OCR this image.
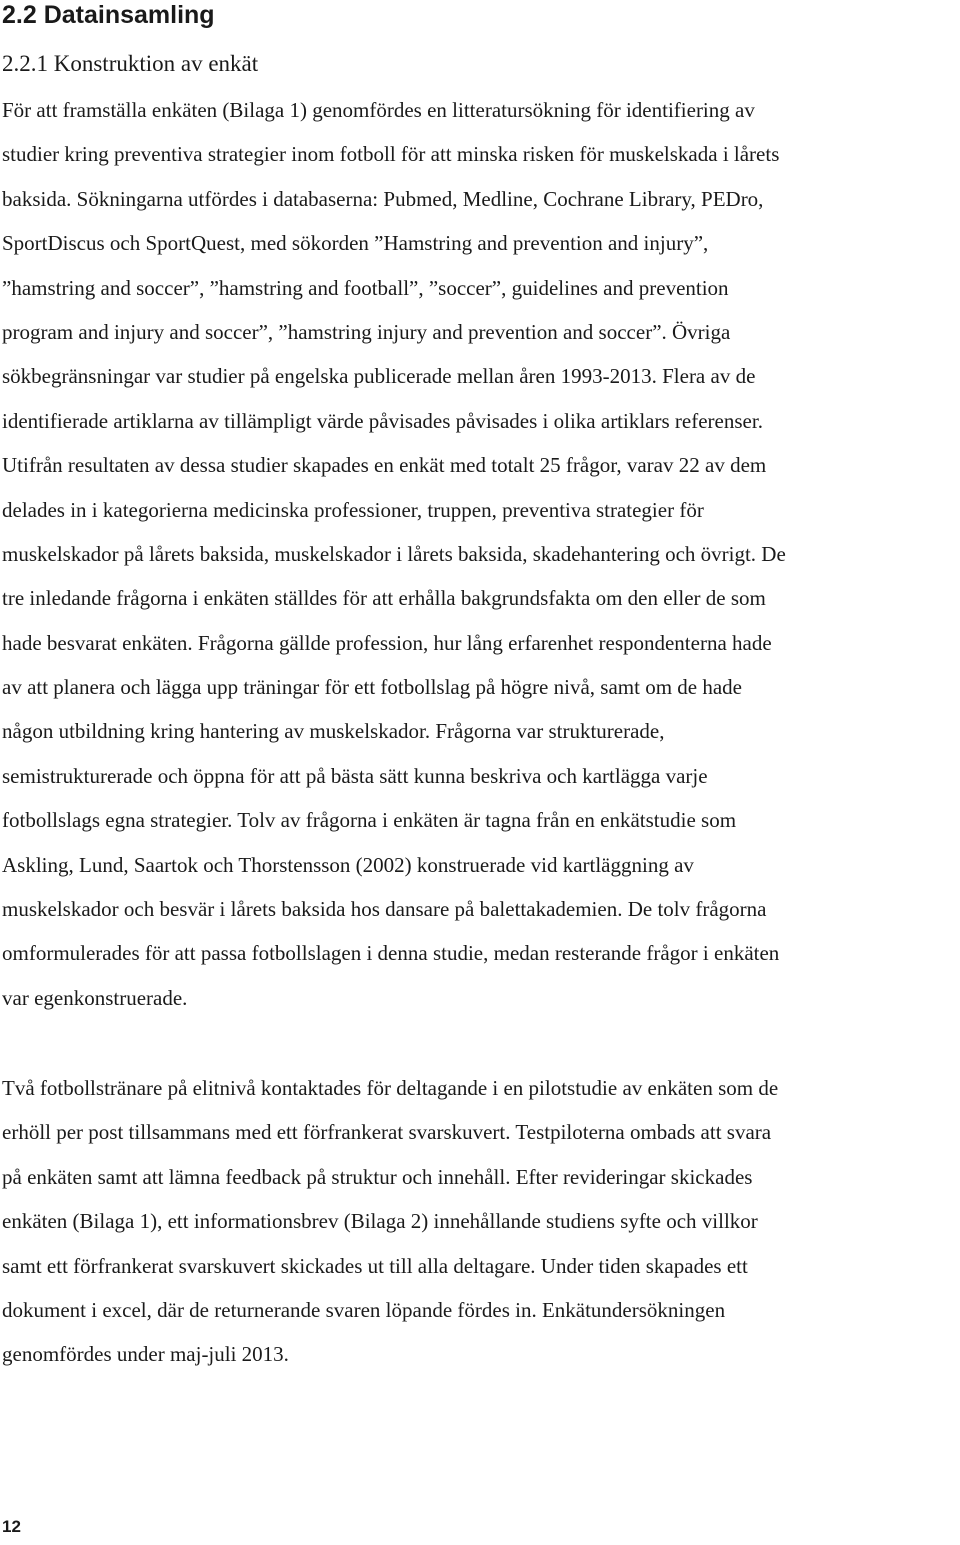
2.2 Datainsamling
2.2.1 Konstruktion av enkät
För att framställa enkäten (Bilaga 1) genomfördes en litteratursökning för identifiering av
studier kring preventiva strategier inom fotboll för att minska risken för muskelskada i lårets
baksida. Sökningarna utfördes i databaserna: Pubmed, Medline, Cochrane Library, PEDro,
SportDiscus och SportQuest, med sökorden ”Hamstring and prevention and injury”,
”hamstring and soccer”, ”hamstring and football”, ”soccer”, guidelines and prevention
program and injury and soccer”, ”hamstring injury and prevention and soccer”. Övriga
sökbegränsningar var studier på engelska publicerade mellan åren 1993-2013. Flera av de
identifierade artiklarna av tillämpligt värde påvisades påvisades i olika artiklars referenser.
Utifrån resultaten av dessa studier skapades en enkät med totalt 25 frågor, varav 22 av dem
delades in i kategorierna medicinska professioner, truppen, preventiva strategier för
muskelskador på lårets baksida, muskelskador i lårets baksida, skadehantering och övrigt. De
tre inledande frågorna i enkäten ställdes för att erhålla bakgrundsfakta om den eller de som
hade besvarat enkäten. Frågorna gällde profession, hur lång erfarenhet respondenterna hade
av att planera och lägga upp träningar för ett fotbollslag på högre nivå, samt om de hade
någon utbildning kring hantering av muskelskador. Frågorna var strukturerade,
semistrukturerade och öppna för att på bästa sätt kunna beskriva och kartlägga varje
fotbollslags egna strategier. Tolv av frågorna i enkäten är tagna från en enkätstudie som
Askling, Lund, Saartok och Thorstensson (2002) konstruerade vid kartläggning av
muskelskador och besvär i lårets baksida hos dansare på balettakademien. De tolv frågorna
omformulerades för att passa fotbollslagen i denna studie, medan resterande frågor i enkäten
var egenkonstruerade.
Två fotbollstränare på elitnivå kontaktades för deltagande i en pilotstudie av enkäten som de
erhöll per post tillsammans med ett förfrankerat svarskuvert. Testpiloterna ombads att svara
på enkäten samt att lämna feedback på struktur och innehåll. Efter revideringar skickades
enkäten (Bilaga 1), ett informationsbrev (Bilaga 2) innehållande studiens syfte och villkor
samt ett förfrankerat svarskuvert skickades ut till alla deltagare. Under tiden skapades ett
dokument i excel, där de returnerande svaren löpande fördes in. Enkätundersökningen
genomfördes under maj-juli 2013.
12
